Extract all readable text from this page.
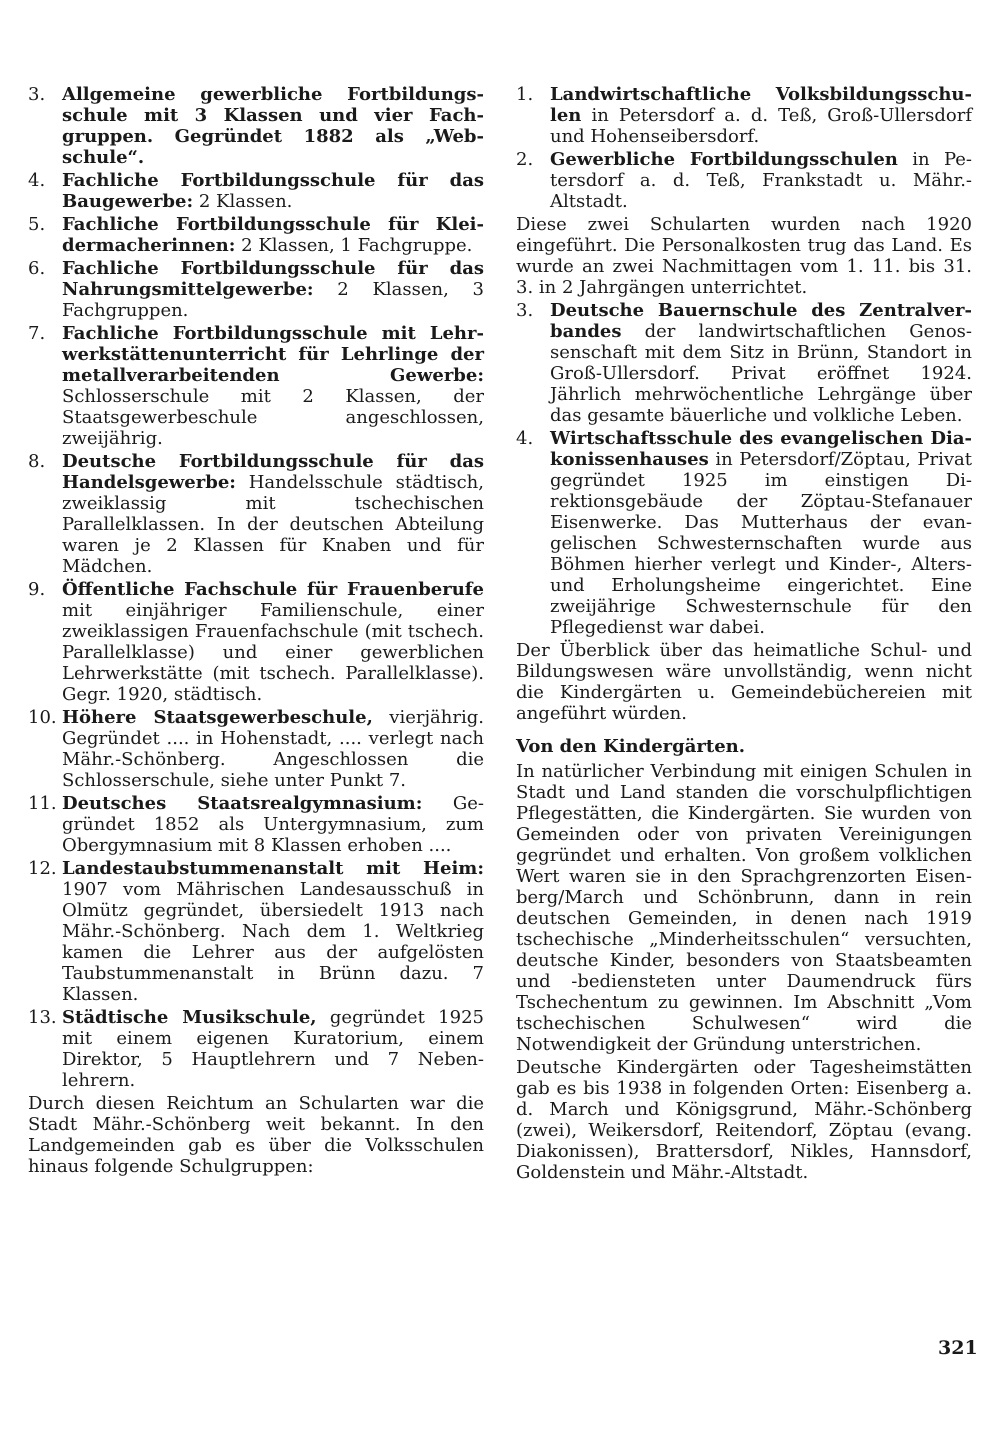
3. Allgemeine gewerbliche Fortbildungsschule mit 3 Klassen und vier Fachgruppen. Gegründet 1882 als „Webschule“.
4. Fachliche Fortbildungsschule für das Baugewerbe: 2 Klassen.
5. Fachliche Fortbildungsschule für Kleidermacherinnen: 2 Klassen, 1 Fachgruppe.
6. Fachliche Fortbildungsschule für das Nahrungsmittelgewerbe: 2 Klassen, 3 Fachgruppen.
7. Fachliche Fortbildungsschule mit Lehrwerkstättenunterricht für Lehrlinge der metallverarbeitenden Gewerbe: Schlosserschule mit 2 Klassen, der Staatsgewerbeschule angeschlossen, zweijährig.
8. Deutsche Fortbildungsschule für das Handelsgewerbe: Handelsschule städtisch, zweiklassig mit tschechischen Parallelklassen. In der deutschen Abteilung waren je 2 Klassen für Knaben und für Mädchen.
9. Öffentliche Fachschule für Frauenberufe mit einjähriger Familienschule, einer zweiklassigen Frauenfachschule (mit tschech. Parallelklasse) und einer gewerblichen Lehrwerkstätte (mit tschech. Parallelklasse). Gegr. 1920, städtisch.
10. Höhere Staatsgewerbeschule, vierjährig. Gegründet .... in Hohenstadt, .... verlegt nach Mähr.-Schönberg. Angeschlossen die Schlosserschule, siehe unter Punkt 7.
11. Deutsches Staatsrealgymnasium: Gegründet 1852 als Untergymnasium, zum Obergymnasium mit 8 Klassen erhoben ....
12. Landestaubstummenanstalt mit Heim: 1907 vom Mährischen Landesausschuß in Olmütz gegründet, übersiedelt 1913 nach Mähr.-Schönberg. Nach dem 1. Weltkrieg kamen die Lehrer aus der aufgelösten Taubstummenanstalt in Brünn dazu. 7 Klassen.
13. Städtische Musikschule, gegründet 1925 mit einem eigenen Kuratorium, einem Direktor, 5 Hauptlehrern und 7 Nebenlehrern.
Durch diesen Reichtum an Schularten war die Stadt Mähr.-Schönberg weit bekannt. In den Landgemeinden gab es über die Volksschulen hinaus folgende Schulgruppen:
1. Landwirtschaftliche Volksbildungsschulen in Petersdorf a. d. Teß, Groß-Ullersdorf und Hohenseibersdorf.
2. Gewerbliche Fortbildungsschulen in Petersdorf a. d. Teß, Frankstadt u. Mähr.-Altstadt.
Diese zwei Schularten wurden nach 1920 eingeführt. Die Personalkosten trug das Land. Es wurde an zwei Nachmittagen vom 1. 11. bis 31. 3. in 2 Jahrgängen unterrichtet.
3. Deutsche Bauernschule des Zentralverbandes der landwirtschaftlichen Genossenschaft mit dem Sitz in Brünn, Standort in Groß-Ullersdorf. Privat eröffnet 1924. Jährlich mehrwöchentliche Lehrgänge über das gesamte bäuerliche und volkliche Leben.
4. Wirtschaftsschule des evangelischen Diakonissenhauses in Petersdorf/Zöptau, Privat gegründet 1925 im einstigen Direktionsgebäude der Zöptau-Stefanauer Eisenwerke. Das Mutterhaus der evangelischen Schwesternschaften wurde aus Böhmen hierher verlegt und Kinder-, Alters- und Erholungsheime eingerichtet. Eine zweijährige Schwesternschule für den Pflegedienst war dabei.
Der Überblick über das heimatliche Schul- und Bildungswesen wäre unvollständig, wenn nicht die Kindergärten u. Gemeindebüchereien mit angeführt würden.
Von den Kindergärten.
In natürlicher Verbindung mit einigen Schulen in Stadt und Land standen die vorschulpflichtigen Pflegestätten, die Kindergärten. Sie wurden von Gemeinden oder von privaten Vereinigungen gegründet und erhalten. Von großem volklichen Wert waren sie in den Sprachgrenzorten Eisenberg/March und Schönbrunn, dann in rein deutschen Gemeinden, in denen nach 1919 tschechische „Minderheitsschulen“ versuchten, deutsche Kinder, besonders von Staatsbeamten und -bediensteten unter Daumendruck fürs Tschechentum zu gewinnen. Im Abschnitt „Vom tschechischen Schulwesen“ wird die Notwendigkeit der Gründung unterstrichen.
Deutsche Kindergärten oder Tagesheimstätten gab es bis 1938 in folgenden Orten: Eisenberg a. d. March und Königsgrund, Mähr.-Schönberg (zwei), Weikersdorf, Reitendorf, Zöptau (evang. Diakonissen), Brattersdorf, Nikles, Hannsdorf, Goldenstein und Mähr.-Altstadt.
321
